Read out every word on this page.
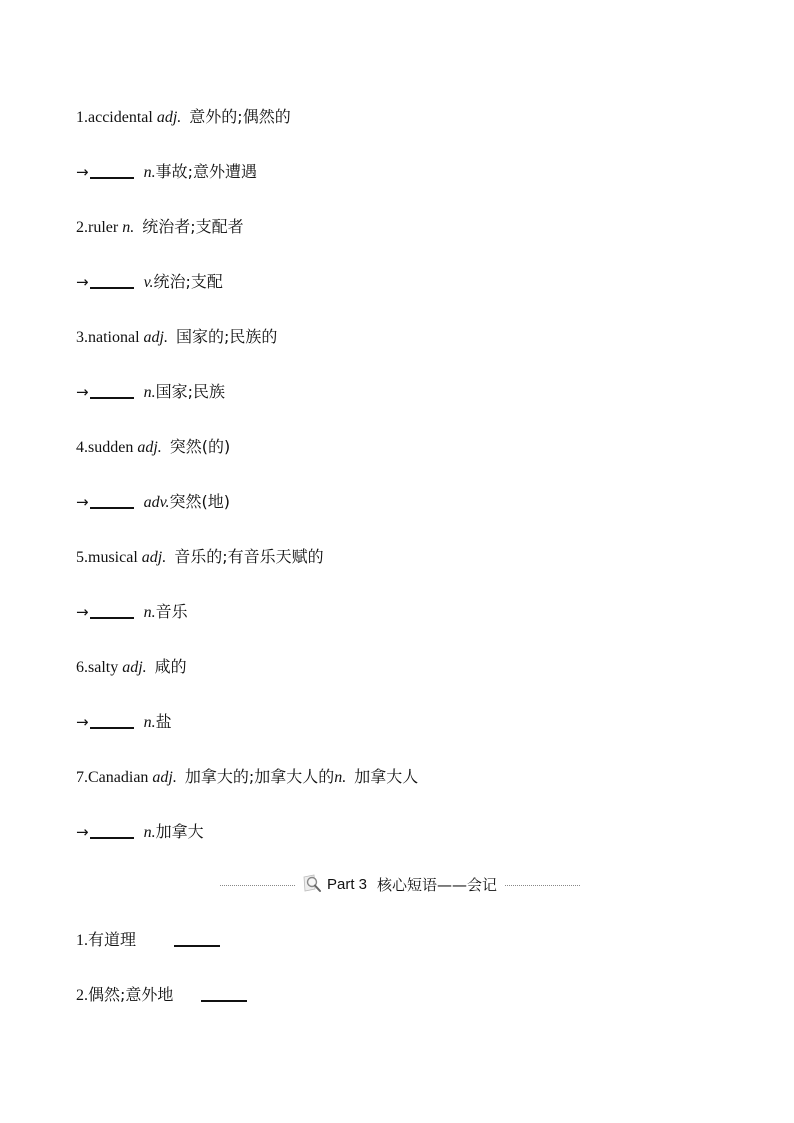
1.accidental adj. 意外的;偶然的
→	n.事故;意外遭遇
2.ruler n. 统治者;支配者
→	v.统治;支配
3.national adj. 国家的;民族的
→	n.国家;民族
4.sudden adj. 突然(的)
→	adv.突然(地)
5.musical adj. 音乐的;有音乐天赋的
→	n.音乐
6.salty adj. 咸的
→	n.盐
7.Canadian adj. 加拿大的;加拿大人的n. 加拿大人
→	n.加拿大
Part 3 核心短语——会记
1.有道理
2.偶然;意外地
